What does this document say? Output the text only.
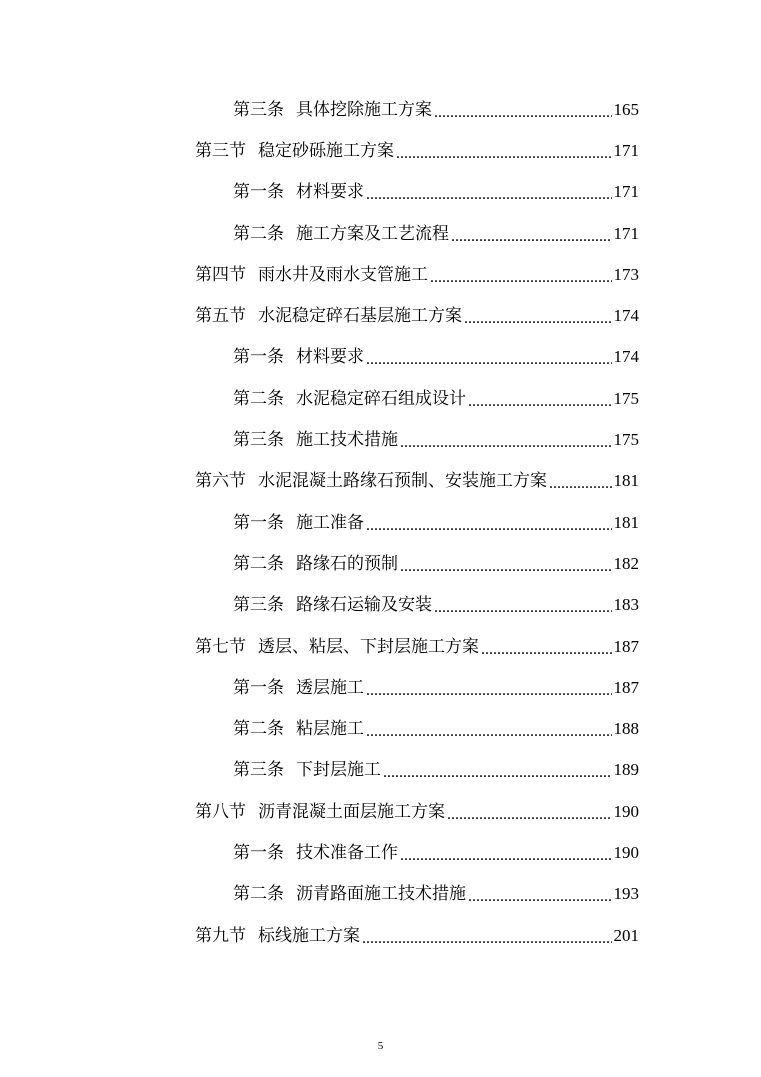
第三条 具体挖除施工方案 .....	165
第三节 稳定砂砾施工方案 .....	171
第一条 材料要求 .....	171
第二条 施工方案及工艺流程 .....	171
第四节 雨水井及雨水支管施工 .....	173
第五节 水泥稳定碎石基层施工方案 .....	174
第一条 材料要求 .....	174
第二条 水泥稳定碎石组成设计 .....	175
第三条 施工技术措施 .....	175
第六节 水泥混凝土路缘石预制、安装施工方案 .....	181
第一条 施工准备 .....	181
第二条 路缘石的预制 .....	182
第三条 路缘石运输及安装 .....	183
第七节 透层、粘层、下封层施工方案 .....	187
第一条 透层施工 .....	187
第二条 粘层施工 .....	188
第三条 下封层施工 .....	189
第八节 沥青混凝土面层施工方案 .....	190
第一条 技术准备工作 .....	190
第二条 沥青路面施工技术措施 .....	193
第九节 标线施工方案 .....	201
5
